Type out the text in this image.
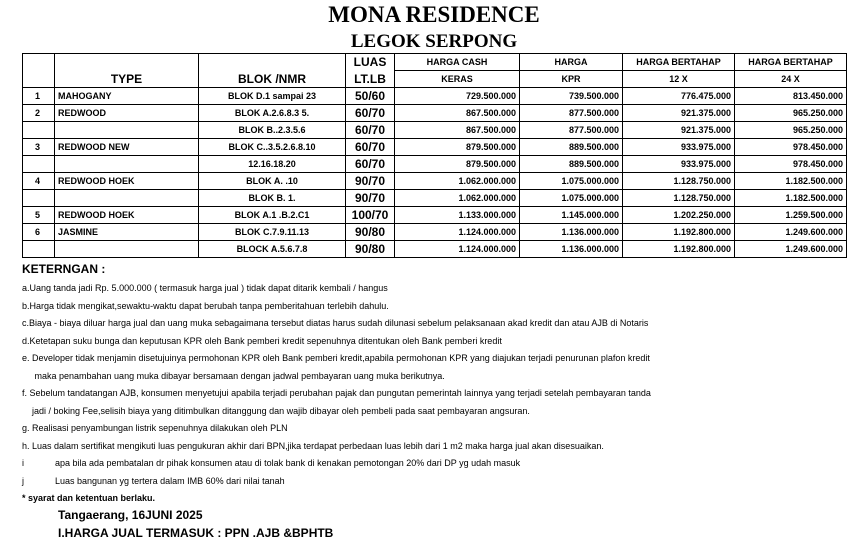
MONA RESIDENCE
LEGOK SERPONG
			LUAS	HARGA CASH	HARGA	HARGA BERTAHAP	HARGA BERTAHAP
	TYPE	BLOK /NMR	LT.LB	KERAS	KPR	12 X	24 X
1	MAHOGANY	BLOK D.1 sampai 23	50/60	729.500.000	739.500.000	776.475.000	813.450.000
2	REDWOOD	BLOK A.2.6.8.3 5.	60/70	867.500.000	877.500.000	921.375.000	965.250.000
		BLOK B..2.3.5.6	60/70	867.500.000	877.500.000	921.375.000	965.250.000
3	REDWOOD NEW	BLOK C..3.5.2.6.8.10	60/70	879.500.000	889.500.000	933.975.000	978.450.000
		12.16.18.20	60/70	879.500.000	889.500.000	933.975.000	978.450.000
4	REDWOOD HOEK	BLOK A. .10	90/70	1.062.000.000	1.075.000.000	1.128.750.000	1.182.500.000
		BLOK B. 1.	90/70	1.062.000.000	1.075.000.000	1.128.750.000	1.182.500.000
5	REDWOOD HOEK	BLOK A.1 .B.2.C1	100/70	1.133.000.000	1.145.000.000	1.202.250.000	1.259.500.000
6	JASMINE	BLOK C.7.9.11.13	90/80	1.124.000.000	1.136.000.000	1.192.800.000	1.249.600.000
		BLOCK A.5.6.7.8	90/80	1.124.000.000	1.136.000.000	1.192.800.000	1.249.600.000
KETERNGAN :
a.Uang tanda jadi Rp. 5.000.000 ( termasuk harga jual ) tidak dapat ditarik kembali / hangus
b.Harga tidak mengikat,sewaktu-waktu dapat berubah tanpa pemberitahuan terlebih dahulu.
c.Biaya - biaya diluar harga jual dan uang muka sebagaimana tersebut diatas harus sudah dilunasi sebelum pelaksanaan akad kredit dan atau AJB di Notaris
d.Ketetapan suku bunga dan keputusan KPR oleh Bank pemberi kredit sepenuhnya ditentukan oleh Bank pemberi kredit
e. Developer tidak menjamin disetujuinya permohonan KPR oleh Bank pemberi kredit,apabila permohonan KPR yang diajukan terjadi penurunan plafon kredit
maka penambahan uang muka dibayar bersamaan dengan jadwal pembayaran uang muka berikutnya.
f. Sebelum tandatangan AJB, konsumen menyetujui apabila terjadi perubahan pajak dan pungutan pemerintah lainnya yang terjadi setelah pembayaran tanda
jadi / boking Fee,selisih biaya yang ditimbulkan ditanggung dan wajib dibayar oleh pembeli pada saat pembayaran angsuran.
g. Realisasi penyambungan listrik sepenuhnya dilakukan oleh PLN
h. Luas dalam sertifikat mengikuti luas pengukuran akhir dari BPN,jika terdapat perbedaan luas lebih dari 1 m2 maka harga jual akan disesuaikan.
i	apa bila ada pembatalan dr pihak konsumen atau di tolak bank di kenakan pemotongan 20% dari DP yg udah masuk
j	Luas bangunan yg tertera dalam IMB 60% dari nilai tanah
* syarat dan ketentuan berlaku.
Tangaerang, 16JUNI 2025
I.HARGA JUAL TERMASUK : PPN .AJB &BPHTB
